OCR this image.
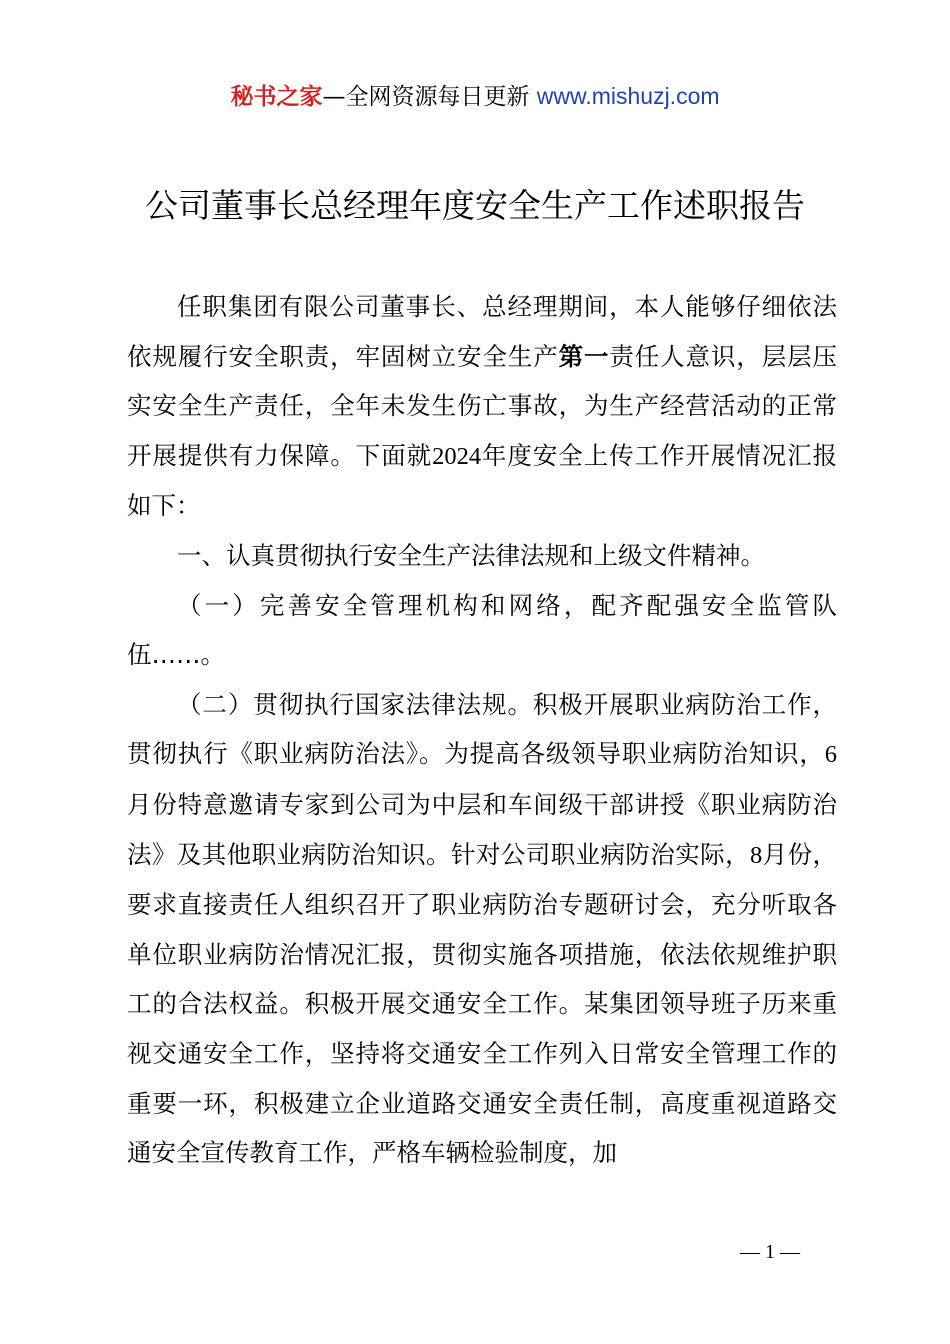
秘书之家—全网资源每日更新 www.mishuzj.com
公司董事长总经理年度安全生产工作述职报告

任职集团有限公司董事长、总经理期间，本人能够仔细依法依规履行安全职责，牢固树立安全生产第一责任人意识，层层压实安全生产责任，全年未发生伤亡事故，为生产经营活动的正常开展提供有力保障。下面就2024年度安全上传工作开展情况汇报如下：

一、认真贯彻执行安全生产法律法规和上级文件精神。

（一）完善安全管理机构和网络，配齐配强安全监管队伍……。

（二）贯彻执行国家法律法规。积极开展职业病防治工作，贯彻执行《职业病防治法》。为提高各级领导职业病防治知识，6月份特意邀请专家到公司为中层和车间级干部讲授《职业病防治法》及其他职业病防治知识。针对公司职业病防治实际，8月份，要求直接责任人组织召开了职业病防治专题研讨会，充分听取各单位职业病防治情况汇报，贯彻实施各项措施，依法依规维护职工的合法权益。积极开展交通安全工作。某集团领导班子历来重视交通安全工作，坚持将交通安全工作列入日常安全管理工作的重要一环，积极建立企业道路交通安全责任制，高度重视道路交通安全宣传教育工作，严格车辆检验制度，加

— 1 —
